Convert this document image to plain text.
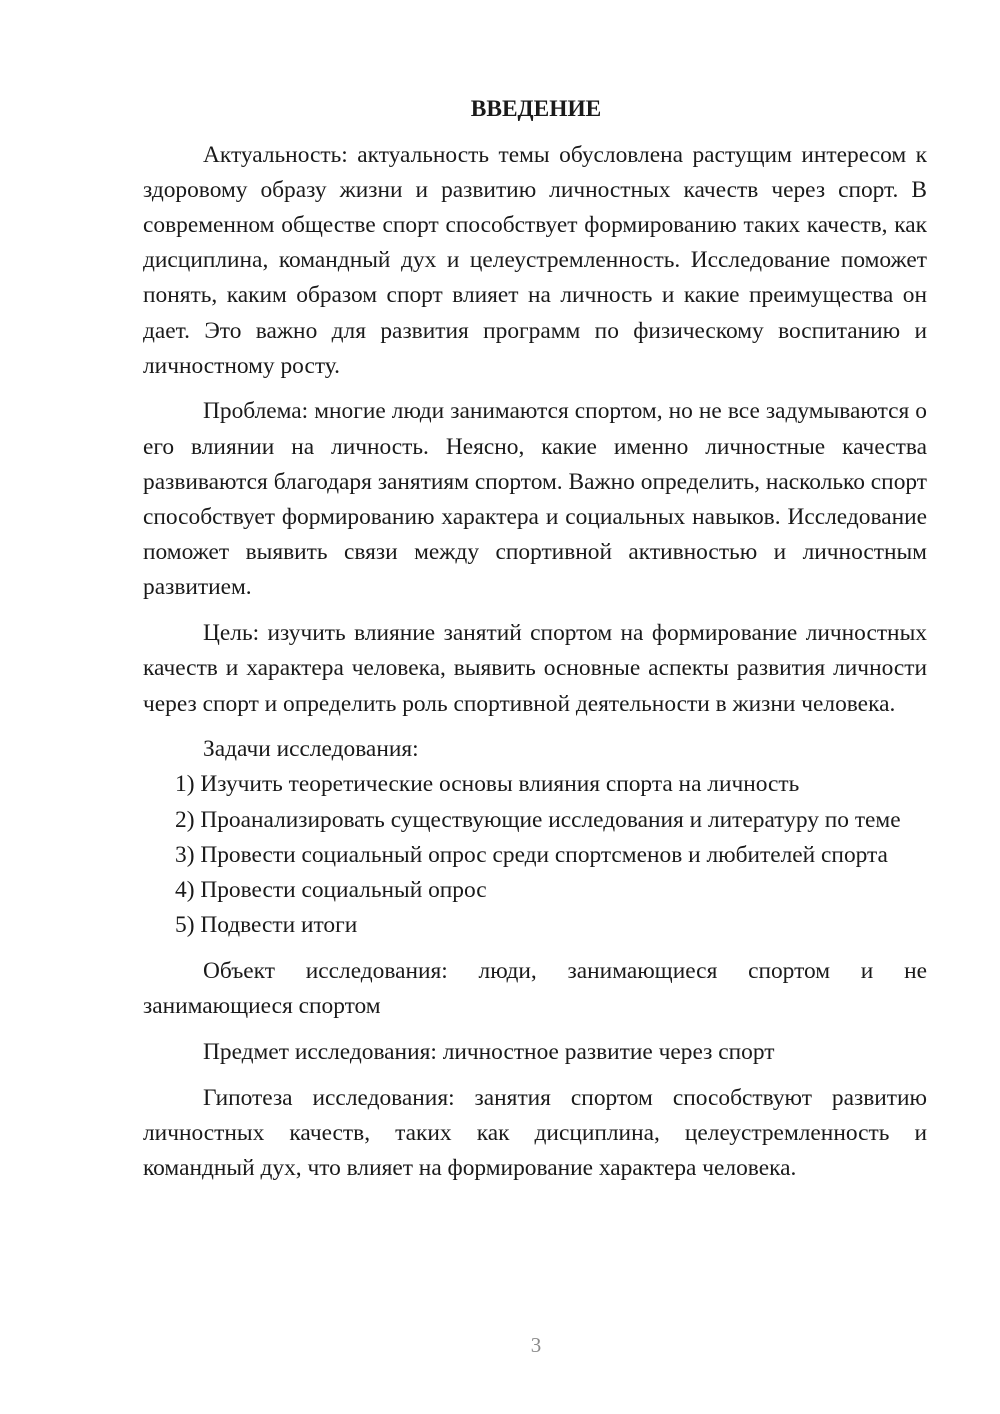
ВВЕДЕНИЕ

Актуальность: актуальность темы обусловлена растущим интересом к здоровому образу жизни и развитию личностных качеств через спорт. В современном обществе спорт способствует формированию таких качеств, как дисциплина, командный дух и целеустремленность. Исследование поможет понять, каким образом спорт влияет на личность и какие преимущества он дает. Это важно для развития программ по физическому воспитанию и личностному росту.

Проблема: многие люди занимаются спортом, но не все задумываются о его влиянии на личность. Неясно, какие именно личностные качества развиваются благодаря занятиям спортом. Важно определить, насколько спорт способствует формированию характера и социальных навыков. Исследование поможет выявить связи между спортивной активностью и личностным развитием.

Цель: изучить влияние занятий спортом на формирование личностных качеств и характера человека, выявить основные аспекты развития личности через спорт и определить роль спортивной деятельности в жизни человека.

Задачи исследования:

1) Изучить теоретические основы влияния спорта на личность

2) Проанализировать существующие исследования и литературу по теме

3) Провести социальный опрос среди спортсменов и любителей спорта

4) Провести социальный опрос

5) Подвести итоги

Объект исследования: люди, занимающиеся спортом и не занимающиеся спортом

Предмет исследования: личностное развитие через спорт

Гипотеза исследования: занятия спортом способствуют развитию личностных качеств, таких как дисциплина, целеустремленность и командный дух, что влияет на формирование характера человека.

3
